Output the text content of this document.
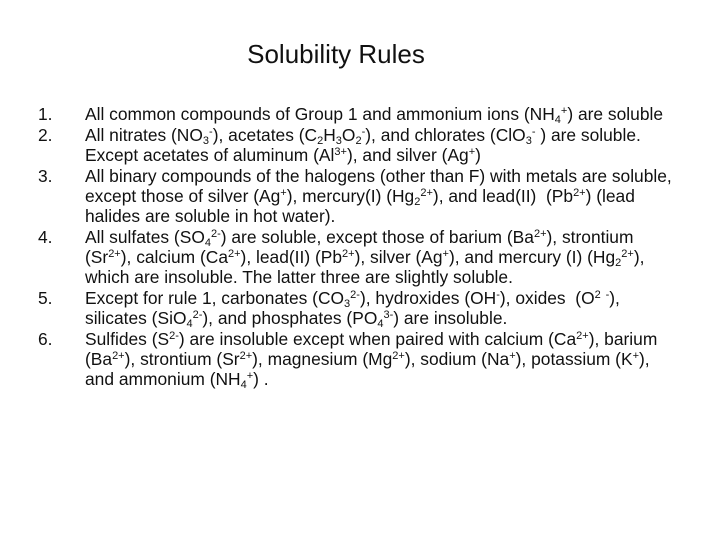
Solubility Rules
1.	All common compounds of Group 1 and ammonium ions $(NH_4^+)$ are soluble
2.	All nitrates $(NO_3^-)$, acetates $(C_2H_3O_2^-)$, and chlorates (ClO$_3$- ) are soluble.  Except acetates of aluminum $(Al^{3+})$, and silver (Ag+)
3.	All binary compounds of the halogens (other than F) with metals are soluble, except those of silver (Ag+), mercury(I) $(Hg_2^{2+})$, and lead(II)  $(Pb^{2+})$ (lead halides are soluble in hot water).
4.	All sulfates $(SO_4^{2-})$ are soluble, except those of barium $(Ba^{2+})$, strontium $(Sr^{2+})$, calcium $(Ca^{2+})$, lead(II) $(Pb^{2+})$, silver (Ag+), and mercury (I) $(Hg_2^{2+})$, which are insoluble. The latter three are slightly soluble.
5.	Except for rule 1, carbonates $(CO_3^{2-})$, hydroxides (OH-), oxides  ($O^2$ -), silicates (SiO$_4^{2-}$), and phosphates $(PO_4^{3-})$ are insoluble.
6.	Sulfides $(S^{2-})$ are insoluble except when paired with calcium $(Ca^{2+})$, barium $(Ba^{2+})$, strontium $(Sr^{2+})$, magnesium $(Mg^{2+})$, sodium (Na+), potassium (K+), and ammonium $(NH_4^+)$ .
